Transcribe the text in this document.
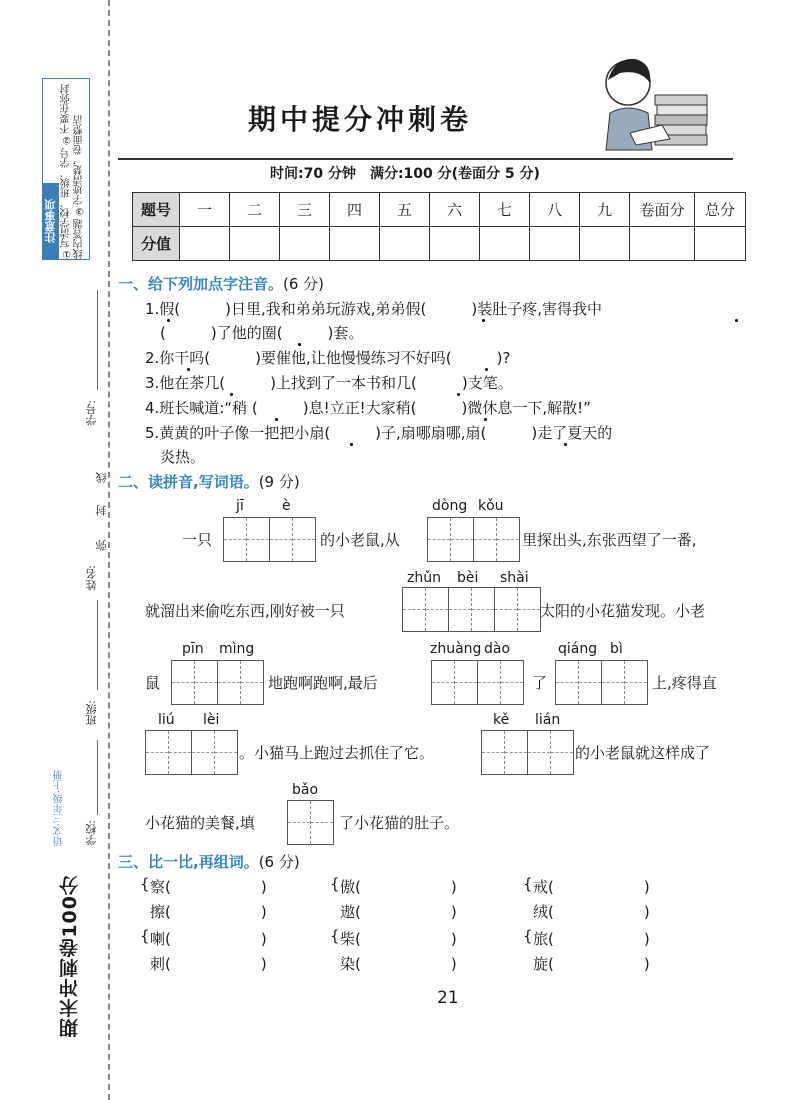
①写清学校、班级、学号 ②不要在弥封线内答题 ③字迹清楚，卷面整洁
注意事项
学号:
线
封
弥
姓名:
班级:
学校:
语文·三年级·上册
期末冲刺卷100分
期中提分冲刺卷
时间:70 分钟　满分:100 分(卷面分 5 分)
题号	一	二	三	四	五	六	七	八	九	卷面分	总分
分值											
一、给下列加点字注音。(6 分)
1.假(　　　)日里,我和弟弟玩游戏,弟弟假(　　　)装肚子疼,害得我中
(　　　)了他的圈(　　　)套。
2.你干吗(　　　)要催他,让他慢慢练习不好吗(　　　)?
3.他在茶几(　　　)上找到了一本书和几(　　　)支笔。
4.班长喊道:“稍 (　　　)息!立正!大家稍(　　　)微休息一下,解散!”
5.黄黄的叶子像一把把小扇(　　　)子,扇哪扇哪,扇(　　　)走了夏天的
炎热。
二、读拼音,写词语。(9 分)
jī	è
一只	的小老鼠,从
dòng kǒu
里探出头,东张西望了一番,
zhǔn bèi shài
就溜出来偷吃东西,刚好被一只	太阳的小花猫发现。小老
pīn mìng
鼠	地跑啊跑啊,最后
zhuàng dào
了
qiáng bì
上,疼得直
liú lèi
。小猫马上跑过去抓住了它。
kě lián
的小老鼠就这样成了
bǎo
小花猫的美餐,填	了小花猫的肚子。
三、比一比,再组词。(6 分)
{ 察(　　　　　　)
擦(　　　　　　)
{ 傲(　　　　　　)
遨(　　　　　　)
{ 戒(　　　　　　)
绒(　　　　　　)
{ 喇(　　　　　　)
刺(　　　　　　)
{ 柴(　　　　　　)
染(　　　　　　)
{ 旅(　　　　　　)
旋(　　　　　　)
21
